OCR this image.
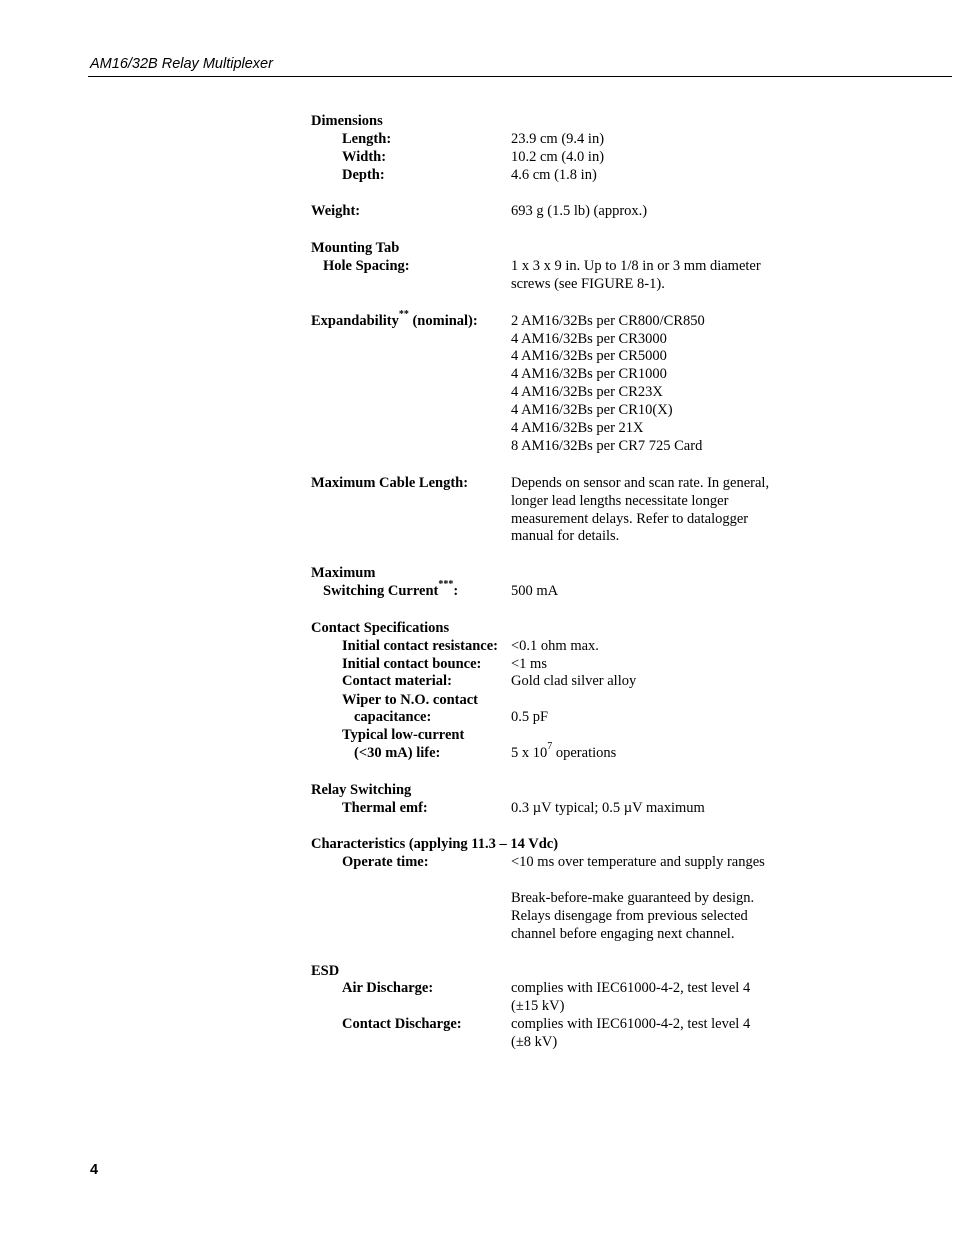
AM16/32B Relay Multiplexer
Dimensions
Length:	23.9 cm (9.4 in)
Width:	10.2 cm (4.0 in)
Depth:	4.6 cm (1.8 in)
Weight:	693 g (1.5 lb) (approx.)
Mounting Tab
Hole Spacing:	1 x 3 x 9 in. Up to 1/8 in or 3 mm diameter
screws (see FIGURE 8-1).
Expandability** (nominal): 2 AM16/32Bs per CR800/CR850
4 AM16/32Bs per CR3000
4 AM16/32Bs per CR5000
4 AM16/32Bs per CR1000
4 AM16/32Bs per CR23X
4 AM16/32Bs per CR10(X)
4 AM16/32Bs per 21X
8 AM16/32Bs per CR7 725 Card
Maximum Cable Length:	Depends on sensor and scan rate. In general,
longer lead lengths necessitate longer
measurement delays. Refer to datalogger
manual for details.
Maximum
Switching Current***:	500 mA
Contact Specifications
Initial contact resistance: <0.1 ohm max.
Initial contact bounce: <1 ms
Contact material:	Gold clad silver alloy
Wiper to N.O. contact
capacitance:	0.5 pF
Typical low-current
(<30 mA) life:	5 x $10^7$ operations
Relay Switching
Thermal emf:	0.3 µV typical; 0.5 µV maximum
Characteristics (applying 11.3 – 14 Vdc)
Operate time:	<10 ms over temperature and supply ranges
Break-before-make guaranteed by design.
Relays disengage from previous selected
channel before engaging next channel.
ESD
Air Discharge:	complies with IEC61000-4-2, test level 4
(±15 kV)
Contact Discharge:	complies with IEC61000-4-2, test level 4
(±8 kV)
4
